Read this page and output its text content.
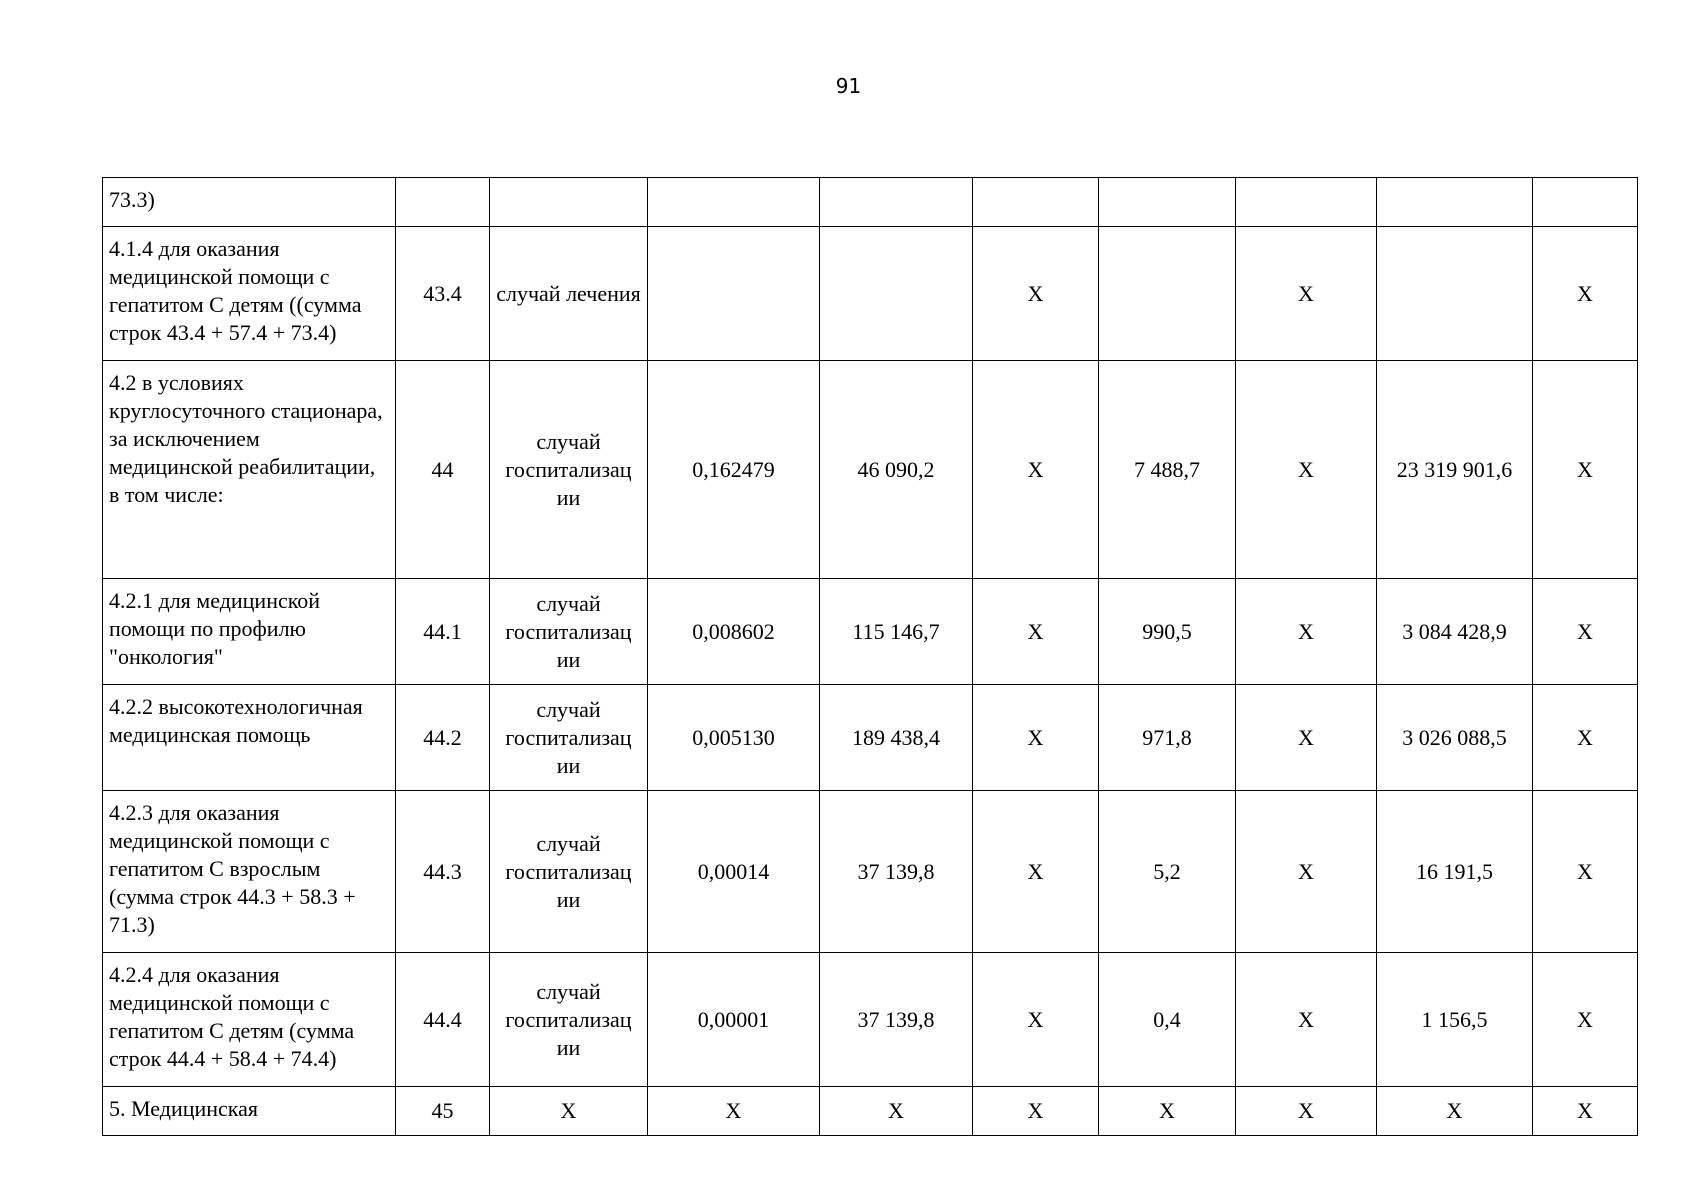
91
73.3)									
4.1.4 для оказания медицинской помощи с гепатитом С детям ((сумма строк 43.4 + 57.4 + 73.4)	43.4	случай лечения			Х		Х		Х
4.2 в условиях круглосуточного стационара, за исключением медицинской реабилитации, в том числе:	44	случай госпитализац ии	0,162479	46 090,2	Х	7 488,7	Х	23 319 901,6	Х
4.2.1 для медицинской помощи по профилю "онкология"	44.1	случай госпитализац ии	0,008602	115 146,7	Х	990,5	Х	3 084 428,9	Х
4.2.2 высокотехнологичная медицинская помощь	44.2	случай госпитализац ии	0,005130	189 438,4	Х	971,8	Х	3 026 088,5	Х
4.2.3 для оказания медицинской помощи с гепатитом С взрослым (сумма строк 44.3 + 58.3 + 71.3)	44.3	случай госпитализац ии	0,00014	37 139,8	Х	5,2	Х	16 191,5	Х
4.2.4 для оказания медицинской помощи с гепатитом С детям (сумма строк 44.4 + 58.4 + 74.4)	44.4	случай госпитализац ии	0,00001	37 139,8	Х	0,4	Х	1 156,5	Х
5. Медицинская	45	Х	Х	Х	Х	Х	Х	Х	Х
